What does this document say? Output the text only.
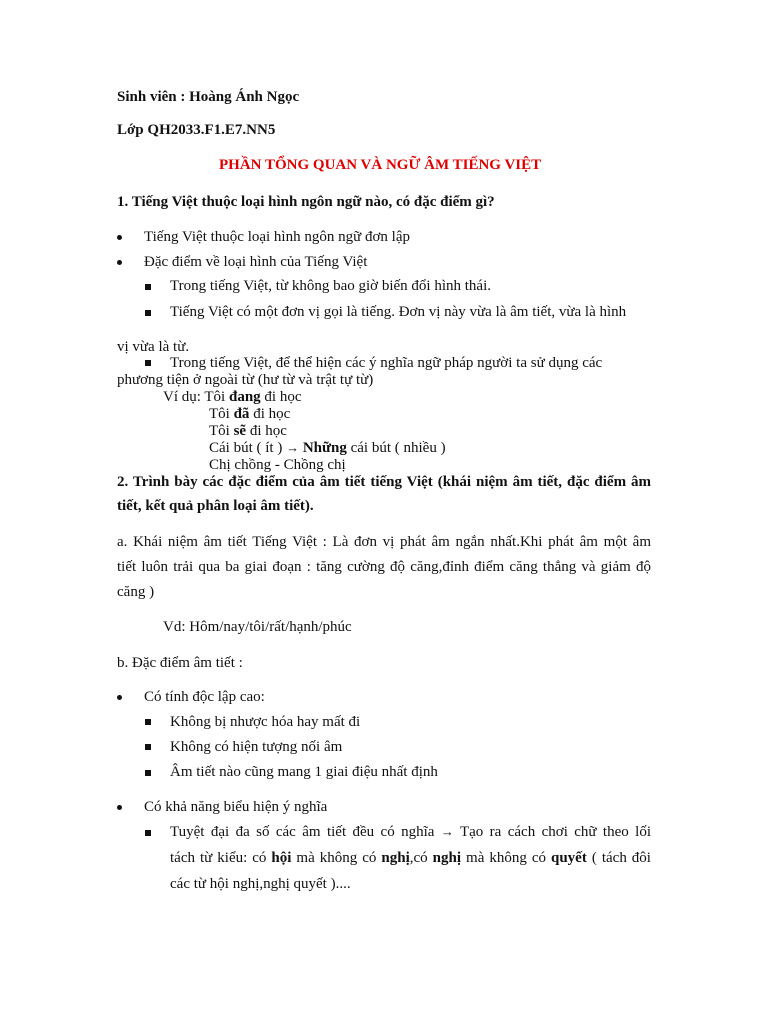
Sinh viên : Hoàng Ánh Ngọc
Lớp QH2033.F1.E7.NN5
PHẦN TỔNG QUAN VÀ NGỮ ÂM TIẾNG VIỆT
1. Tiếng Việt thuộc loại hình ngôn ngữ nào, có đặc điểm gì?
Tiếng Việt thuộc loại hình ngôn ngữ đơn lập
Đặc điểm về loại hình của Tiếng Việt
Trong tiếng Việt, từ không bao giờ biến đổi hình thái.
Tiếng Việt có một đơn vị gọi là tiếng. Đơn vị này vừa là âm tiết, vừa là hình
vị vừa là từ.
Trong tiếng Việt, để thể hiện các ý nghĩa ngữ pháp người ta sử dụng các
phương tiện ở ngoài từ (hư từ và trật tự từ)
Ví dụ: Tôi đang đi học
Tôi đã đi học
Tôi sẽ đi học
Cái bút ( ít ) → Những cái bút ( nhiều )
Chị chồng - Chồng chị
2. Trình bày các đặc điểm của âm tiết tiếng Việt (khái niệm âm tiết, đặc điểm âm
tiết, kết quả phân loại âm tiết).
a. Khái niệm âm tiết Tiếng Việt : Là đơn vị phát âm ngắn nhất.Khi phát âm một âm
tiết luôn trải qua ba giai đoạn : tăng cường độ căng,đỉnh điểm căng thẳng và giảm độ
căng )
Vd: Hôm/nay/tôi/rất/hạnh/phúc
b. Đặc điểm âm tiết :
Có tính độc lập cao:
Không bị nhược hóa hay mất đi
Không có hiện tượng nối âm
Âm tiết nào cũng mang 1 giai điệu nhất định
Có khả năng biểu hiện ý nghĩa
Tuyệt đại đa số các âm tiết đều có nghĩa → Tạo ra cách chơi chữ theo lối
tách từ kiểu: có hội mà không có nghị,có nghị mà không có quyết ( tách đôi
các từ hội nghị,nghị quyết )....
